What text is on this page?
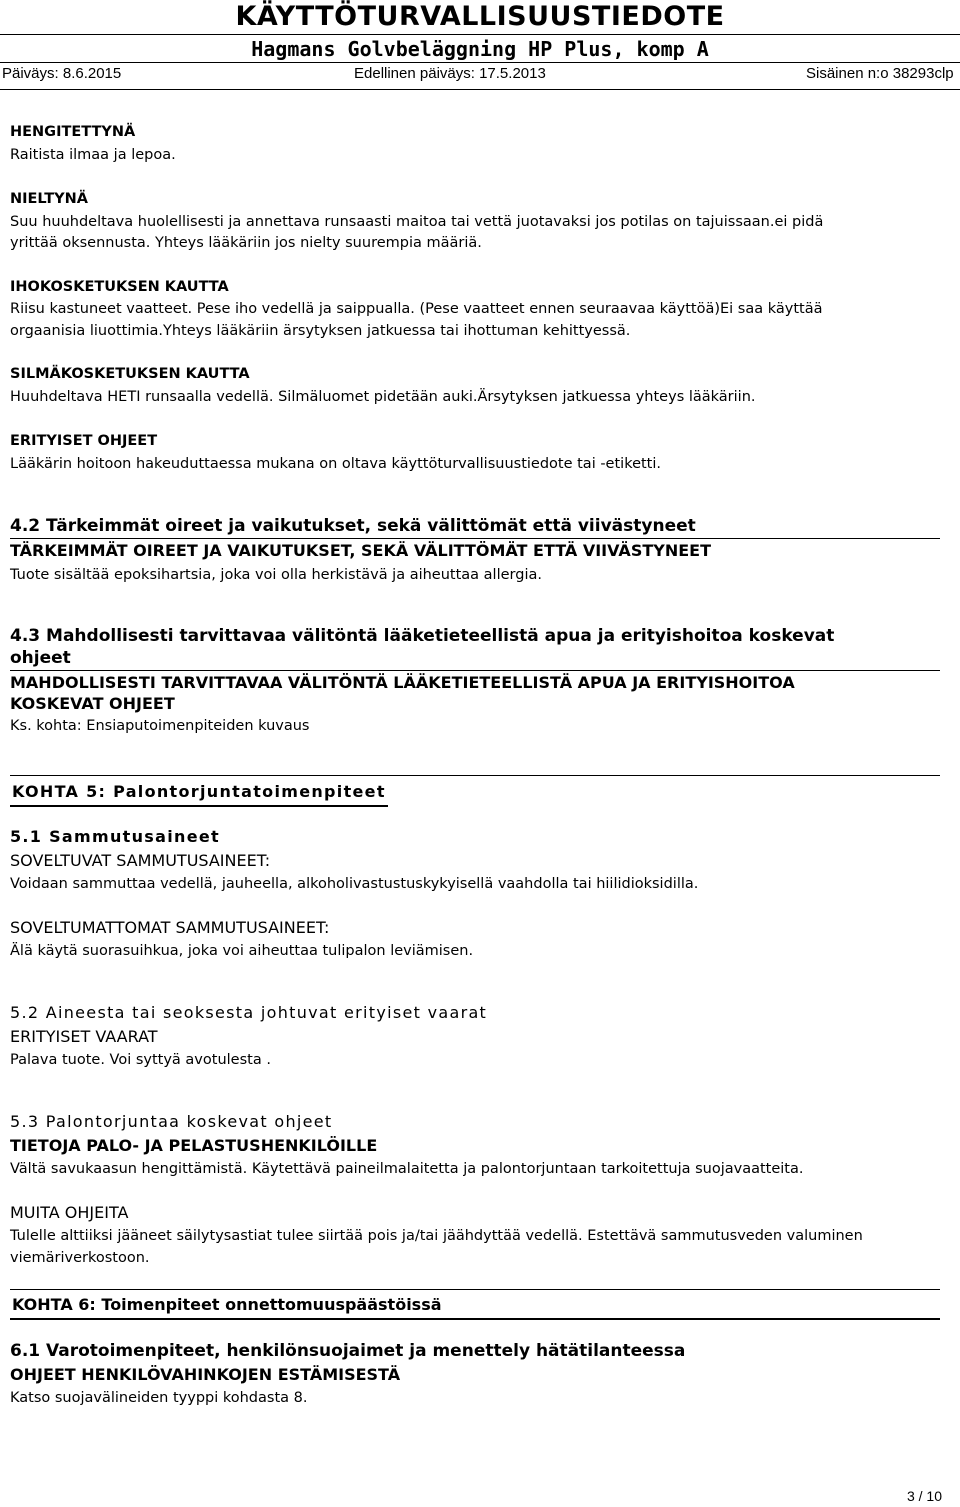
KÄYTTÖTURVALLISUUSTIEDOTE
Hagmans Golvbeläggning HP Plus, komp A
Päiväys: 8.6.2015	Edellinen päiväys: 17.5.2013	Sisäinen n:o 38293clp
HENGITETTYNÄ
Raitista ilmaa ja lepoa.
NIELTYNÄ
Suu huuhdeltava huolellisesti ja annettava runsaasti maitoa tai vettä juotavaksi jos potilas on tajuissaan.ei pidä
yrittää oksennusta. Yhteys lääkäriin jos nielty suurempia määriä.
IHOKOSKETUKSEN KAUTTA
Riisu kastuneet vaatteet. Pese iho vedellä ja saippualla. (Pese vaatteet ennen seuraavaa käyttöä)Ei saa käyttää
orgaanisia liuottimia.Yhteys lääkäriin ärsytyksen jatkuessa tai ihottuman kehittyessä.
SILMÄKOSKETUKSEN KAUTTA
Huuhdeltava HETI runsaalla vedellä. Silmäluomet pidetään auki.Ärsytyksen jatkuessa yhteys lääkäriin.
ERITYISET OHJEET
Lääkärin hoitoon hakeuduttaessa mukana on oltava käyttöturvallisuustiedote tai -etiketti.
4.2 Tärkeimmät oireet ja vaikutukset, sekä välittömät että viivästyneet
TÄRKEIMMÄT OIREET JA VAIKUTUKSET, SEKÄ VÄLITTÖMÄT ETTÄ VIIVÄSTYNEET
Tuote sisältää epoksihartsia, joka voi olla herkistävä ja aiheuttaa allergia.
4.3 Mahdollisesti tarvittavaa välitöntä lääketieteellistä apua ja erityishoitoa koskevat
ohjeet
MAHDOLLISESTI TARVITTAVAA VÄLITÖNTÄ LÄÄKETIETEELLISTÄ APUA JA ERITYISHOITOA
KOSKEVAT OHJEET
Ks. kohta: Ensiaputoimenpiteiden kuvaus
KOHTA 5: Palontorjuntatoimenpiteet
5.1 Sammutusaineet
SOVELTUVAT SAMMUTUSAINEET:
Voidaan sammuttaa vedellä, jauheella, alkoholivastustuskykyisellä vaahdolla tai hiilidioksidilla.
SOVELTUMATTOMAT SAMMUTUSAINEET:
Älä käytä suorasuihkua, joka voi aiheuttaa tulipalon leviämisen.
5.2 Aineesta tai seoksesta johtuvat erityiset vaarat
ERITYISET VAARAT
Palava tuote. Voi syttyä avotulesta .
5.3 Palontorjuntaa koskevat ohjeet
TIETOJA PALO- JA PELASTUSHENKILÖILLE
Vältä savukaasun hengittämistä. Käytettävä paineilmalaitetta ja palontorjuntaan tarkoitettuja suojavaatteita.
MUITA OHJEITA
Tulelle alttiiksi jääneet säilytysastiat tulee siirtää pois ja/tai jäähdyttää vedellä. Estettävä sammutusveden valuminen
viemäriverkostoon.
KOHTA 6: Toimenpiteet onnettomuuspäästöissä
6.1 Varotoimenpiteet, henkilönsuojaimet ja menettely hätätilanteessa
OHJEET HENKILÖVAHINKOJEN ESTÄMISESTÄ
Katso suojavälineiden tyyppi kohdasta 8.
3 / 10
